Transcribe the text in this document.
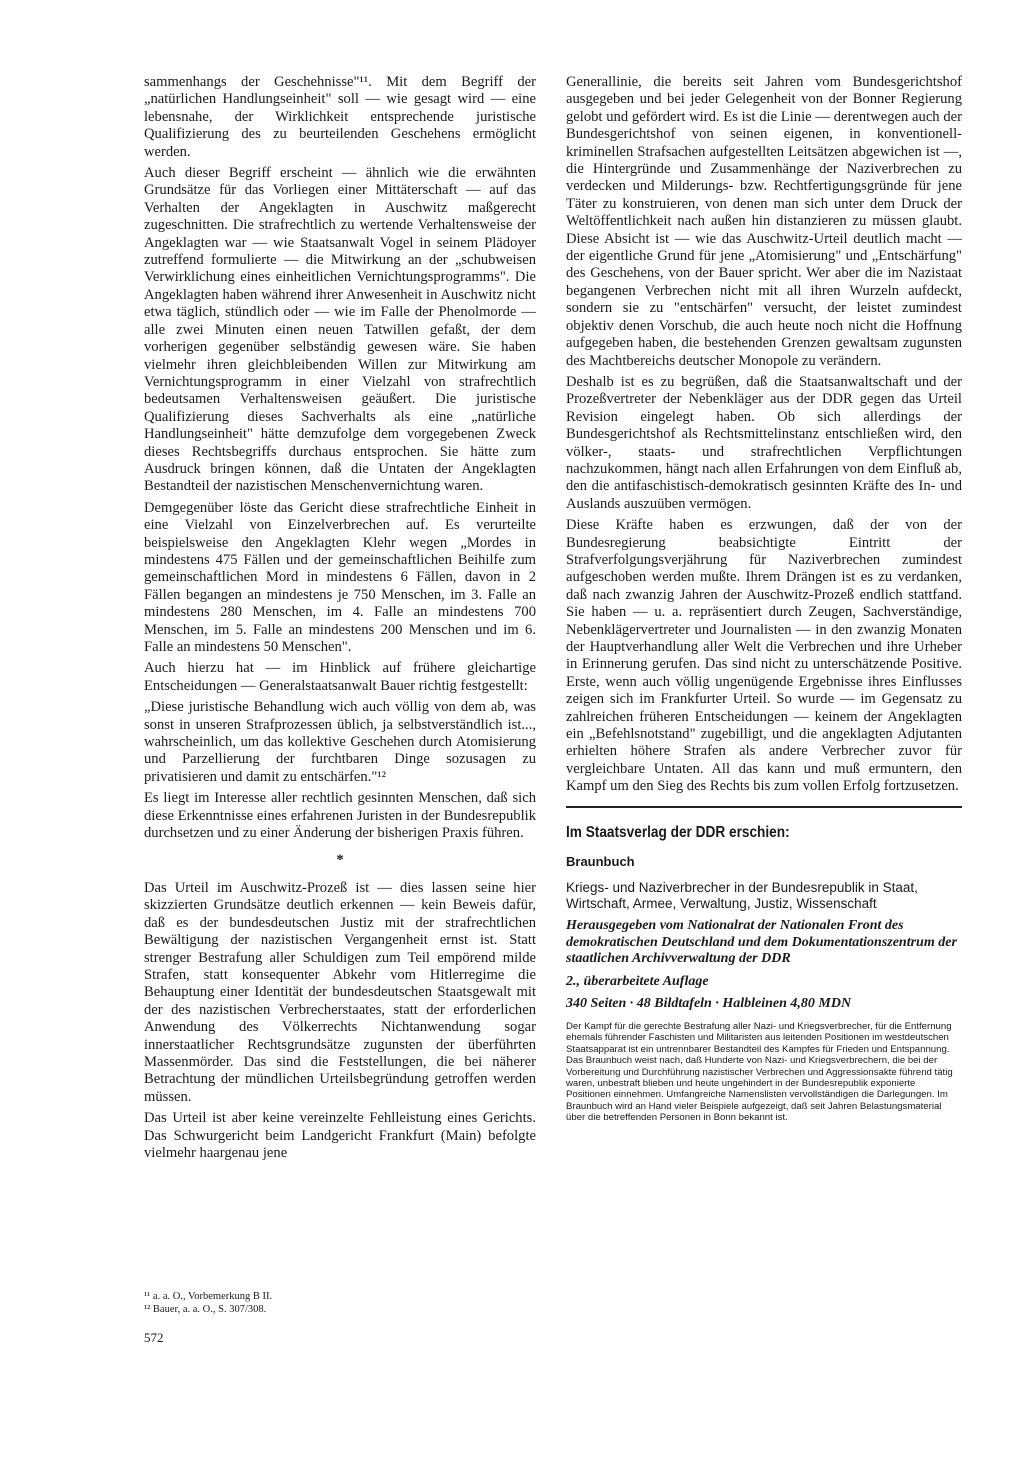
sammenhangs der Geschehnisse"¹¹. Mit dem Begriff der „natürlichen Handlungseinheit" soll — wie gesagt wird — eine lebensnahe, der Wirklichkeit entsprechende juristische Qualifizierung des zu beurteilenden Geschehens ermöglicht werden.

Auch dieser Begriff erscheint — ähnlich wie die erwähnten Grundsätze für das Vorliegen einer Mittäterschaft — auf das Verhalten der Angeklagten in Auschwitz maßgerecht zugeschnitten. Die strafrechtlich zu wertende Verhaltensweise der Angeklagten war — wie Staatsanwalt Vogel in seinem Plädoyer zutreffend formulierte — die Mitwirkung an der „schubweisen Verwirklichung eines einheitlichen Vernichtungsprogramms". Die Angeklagten haben während ihrer Anwesenheit in Auschwitz nicht etwa täglich, stündlich oder — wie im Falle der Phenolmorde — alle zwei Minuten einen neuen Tatwillen gefaßt, der dem vorherigen gegenüber selbständig gewesen wäre. Sie haben vielmehr ihren gleichbleibenden Willen zur Mitwirkung am Vernichtungsprogramm in einer Vielzahl von strafrechtlich bedeutsamen Verhaltensweisen geäußert. Die juristische Qualifizierung dieses Sachverhalts als eine „natürliche Handlungseinheit" hätte demzufolge dem vorgegebenen Zweck dieses Rechtsbegriffs durchaus entsprochen. Sie hätte zum Ausdruck bringen können, daß die Untaten der Angeklagten Bestandteil der nazistischen Menschenvernichtung waren.

Demgegenüber löste das Gericht diese strafrechtliche Einheit in eine Vielzahl von Einzelverbrechen auf. Es verurteilte beispielsweise den Angeklagten Klehr wegen „Mordes in mindestens 475 Fällen und der gemeinschaftlichen Beihilfe zum gemeinschaftlichen Mord in mindestens 6 Fällen, davon in 2 Fällen begangen an mindestens je 750 Menschen, im 3. Falle an mindestens 280 Menschen, im 4. Falle an mindestens 700 Menschen, im 5. Falle an mindestens 200 Menschen und im 6. Falle an mindestens 50 Menschen".

Auch hierzu hat — im Hinblick auf frühere gleichartige Entscheidungen — Generalstaatsanwalt Bauer richtig festgestellt:

„Diese juristische Behandlung wich auch völlig von dem ab, was sonst in unseren Strafprozessen üblich, ja selbstverständlich ist..., wahrscheinlich, um das kollektive Geschehen durch Atomisierung und Parzellierung der furchtbaren Dinge sozusagen zu privatisieren und damit zu entschärfen."¹²

Es liegt im Interesse aller rechtlich gesinnten Menschen, daß sich diese Erkenntnisse eines erfahrenen Juristen in der Bundesrepublik durchsetzen und zu einer Änderung der bisherigen Praxis führen.

*

Das Urteil im Auschwitz-Prozeß ist — dies lassen seine hier skizzierten Grundsätze deutlich erkennen — kein Beweis dafür, daß es der bundesdeutschen Justiz mit der strafrechtlichen Bewältigung der nazistischen Vergangenheit ernst ist. Statt strenger Bestrafung aller Schuldigen zum Teil empörend milde Strafen, statt konsequenter Abkehr vom Hitlerregime die Behauptung einer Identität der bundesdeutschen Staatsgewalt mit der des nazistischen Verbrecherstaates, statt der erforderlichen Anwendung des Völkerrechts Nichtanwendung sogar innerstaatlicher Rechtsgrundsätze zugunsten der überführten Massenmörder. Das sind die Feststellungen, die bei näherer Betrachtung der mündlichen Urteilsbegründung getroffen werden müssen.

Das Urteil ist aber keine vereinzelte Fehlleistung eines Gerichts. Das Schwurgericht beim Landgericht Frankfurt (Main) befolgte vielmehr haargenau jene

¹¹ a. a. O., Vorbemerkung B II.
¹² Bauer, a. a. O., S. 307/308.
572

Generallinie, die bereits seit Jahren vom Bundesgerichtshof ausgegeben und bei jeder Gelegenheit von der Bonner Regierung gelobt und gefördert wird. Es ist die Linie — derentwegen auch der Bundesgerichtshof von seinen eigenen, in konventionell-kriminellen Strafsachen aufgestellten Leitsätzen abgewichen ist —, die Hintergründe und Zusammenhänge der Naziverbrechen zu verdecken und Milderungs- bzw. Rechtfertigungsgründe für jene Täter zu konstruieren, von denen man sich unter dem Druck der Weltöffentlichkeit nach außen hin distanzieren zu müssen glaubt. Diese Absicht ist — wie das Auschwitz-Urteil deutlich macht — der eigentliche Grund für jene „Atomisierung" und „Entschärfung" des Geschehens, von der Bauer spricht. Wer aber die im Nazistaat begangenen Verbrechen nicht mit all ihren Wurzeln aufdeckt, sondern sie zu "entschärfen" versucht, der leistet zumindest objektiv denen Vorschub, die auch heute noch nicht die Hoffnung aufgegeben haben, die bestehenden Grenzen gewaltsam zugunsten des Machtbereichs deutscher Monopole zu verändern.

Deshalb ist es zu begrüßen, daß die Staatsanwaltschaft und der Prozeßvertreter der Nebenkläger aus der DDR gegen das Urteil Revision eingelegt haben. Ob sich allerdings der Bundesgerichtshof als Rechtsmittelinstanz entschließen wird, den völker-, staats- und strafrechtlichen Verpflichtungen nachzukommen, hängt nach allen Erfahrungen von dem Einfluß ab, den die antifaschistisch-demokratisch gesinnten Kräfte des In- und Auslands auszuüben vermögen.

Diese Kräfte haben es erzwungen, daß der von der Bundesregierung beabsichtigte Eintritt der Strafverfolgungsverjährung für Naziverbrechen zumindest aufgeschoben werden mußte. Ihrem Drängen ist es zu verdanken, daß nach zwanzig Jahren der Auschwitz-Prozeß endlich stattfand. Sie haben — u. a. repräsentiert durch Zeugen, Sachverständige, Nebenklägervertreter und Journalisten — in den zwanzig Monaten der Hauptverhandlung aller Welt die Verbrechen und ihre Urheber in Erinnerung gerufen. Das sind nicht zu unterschätzende Positive. Erste, wenn auch völlig ungenügende Ergebnisse ihres Einflusses zeigen sich im Frankfurter Urteil. So wurde — im Gegensatz zu zahlreichen früheren Entscheidungen — keinem der Angeklagten ein „Befehlsnotstand" zugebilligt, und die angeklagten Adjutanten erhielten höhere Strafen als andere Verbrecher zuvor für vergleichbare Untaten. All das kann und muß ermuntern, den Kampf um den Sieg des Rechts bis zum vollen Erfolg fortzusetzen.

Im Staatsverlag der DDR erschien:
Braunbuch
Kriegs- und Naziverbrecher in der Bundesrepublik in Staat, Wirtschaft, Armee, Verwaltung, Justiz, Wissenschaft
Herausgegeben vom Nationalrat der Nationalen Front des demokratischen Deutschland und dem Dokumentationszentrum der staatlichen Archivverwaltung der DDR
2., überarbeitete Auflage
340 Seiten · 48 Bildtafeln · Halbleinen 4,80 MDN
Der Kampf für die gerechte Bestrafung aller Nazi- und Kriegsverbrecher, für die Entfernung ehemals führender Faschisten und Militaristen aus leitenden Positionen im westdeutschen Staatsapparat ist ein untrennbarer Bestandteil des Kampfes für Frieden und Entspannung. Das Braunbuch weist nach, daß Hunderte von Nazi- und Kriegsverbrechern, die bei der Vorbereitung und Durchführung nazistischer Verbrechen und Aggressionsakte führend tätig waren, unbestraft blieben und heute ungehindert in der Bundesrepublik exponierte Positionen einnehmen. Umfangreiche Namenslisten vervollständigen die Darlegungen. Im Braunbuch wird an Hand vieler Beispiele aufgezeigt, daß seit Jahren Belastungsmaterial über die betreffenden Personen in Bonn bekannt ist.
